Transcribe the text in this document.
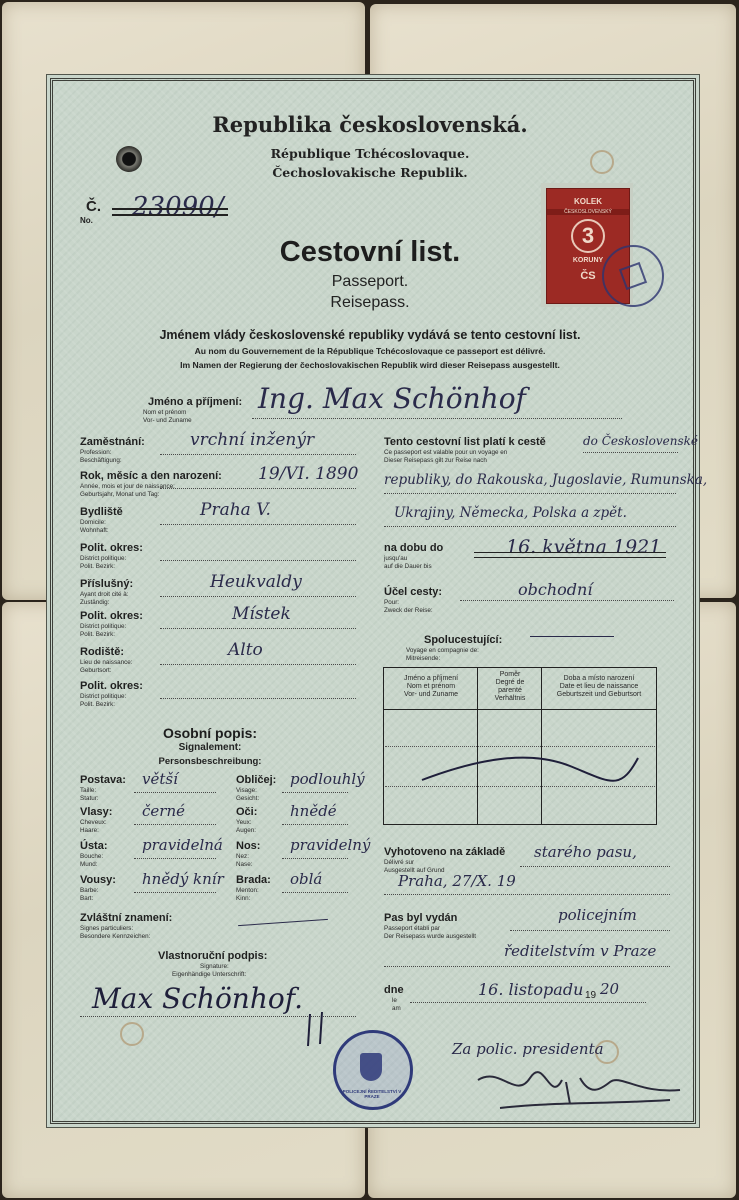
Republika československá.
République Tchécoslovaque.
Čechoslovakische Republik.
Č.
No. 23090/
Cestovní list.
Passeport.
Reisepass.
Jménem vlády československé republiky vydává se tento cestovní list.
Au nom du Gouvernement de la République Tchécoslovaque ce passeport est délivré.
Im Namen der Regierung der čechoslovakischen Republik wird dieser Reisepass ausgestellt.
KOLEK
ČESKOSLOVENSKÝ
3
KORUNY
ČS
Jméno a příjmení:
Nom et prénom
Vor- und Zuname
Ing. Max Schönhof
Zaměstnání:
Profession:
Beschäftigung:
vrchní inženýr
Rok, měsíc a den narození:
Année, mois et jour de naissance:
Geburtsjahr, Monat und Tag:
19/VI. 1890
Bydliště
Domicile:
Wohnhaft:
Praha V.
Polit. okres:
District politique:
Polit. Bezirk:
Příslušný:
Ayant droit cité à:
Zuständig:
Heukvaldy
Polit. okres:
District politique:
Polit. Bezirk:
Místek
Rodiště:
Lieu de naissance:
Geburtsort:
Alto
Polit. okres:
District politique:
Polit. Bezirk:
Osobní popis:
Signalement:
Personsbeschreibung:
Postava:
Taille:
Statur:
větší	Obličej:
Visage:
Gesicht:
podlouhlý
Vlasy:
Cheveux:
Haare:
černé	Oči:
Yeux:
Augen:
hnědé
Ústa:
Bouche:
Mund:
pravidelná Nos:
Nez:
Nase:
pravidelný
Vousy:
Barbe:
Bart:
hnědý knír Brada:
Menton:
Kinn:
oblá
Zvláštní znamení:
Signes particuliers:
Besondere Kennzeichen:
Vlastnoruční podpis:
Signature:
Eigenhändige Unterschrift:
Max Schönhof.
POLICEJNÍ ŘEDITELSTVÍ V PRAZE
Tento cestovní list platí k cestě
Ce passeport est valable pour un voyage en
Dieser Reisepass gilt zur Reise nach
do Československé
republiky, do Rakouska, Jugoslavie, Rumunska,
Ukrajiny, Německa, Polska a zpět.
na dobu do
jusqu'au
auf die Dauer bis
16. května 1921
Účel cesty:
Pour:
Zweck der Reise:
obchodní
Spolucestující:
Voyage en compagnie de:
Mitreisende:
Jméno a příjmení
Nom et prénom
Vor- und Zuname
Poměr
Degré de
parenté
Verhältnis
Doba a místo narození
Date et lieu de naissance
Geburtszeit und Geburtsort
Vyhotoveno na základě
Délivré sur
Ausgestellt auf Grund
starého pasu,
Praha, 27/X. 19
Pas byl vydán
Passeport établi par
Der Reisepass wurde ausgestellt
policejním
ředitelstvím v Praze
dne
le
am
16. listopadu 19 20
Za polic. presidenta
